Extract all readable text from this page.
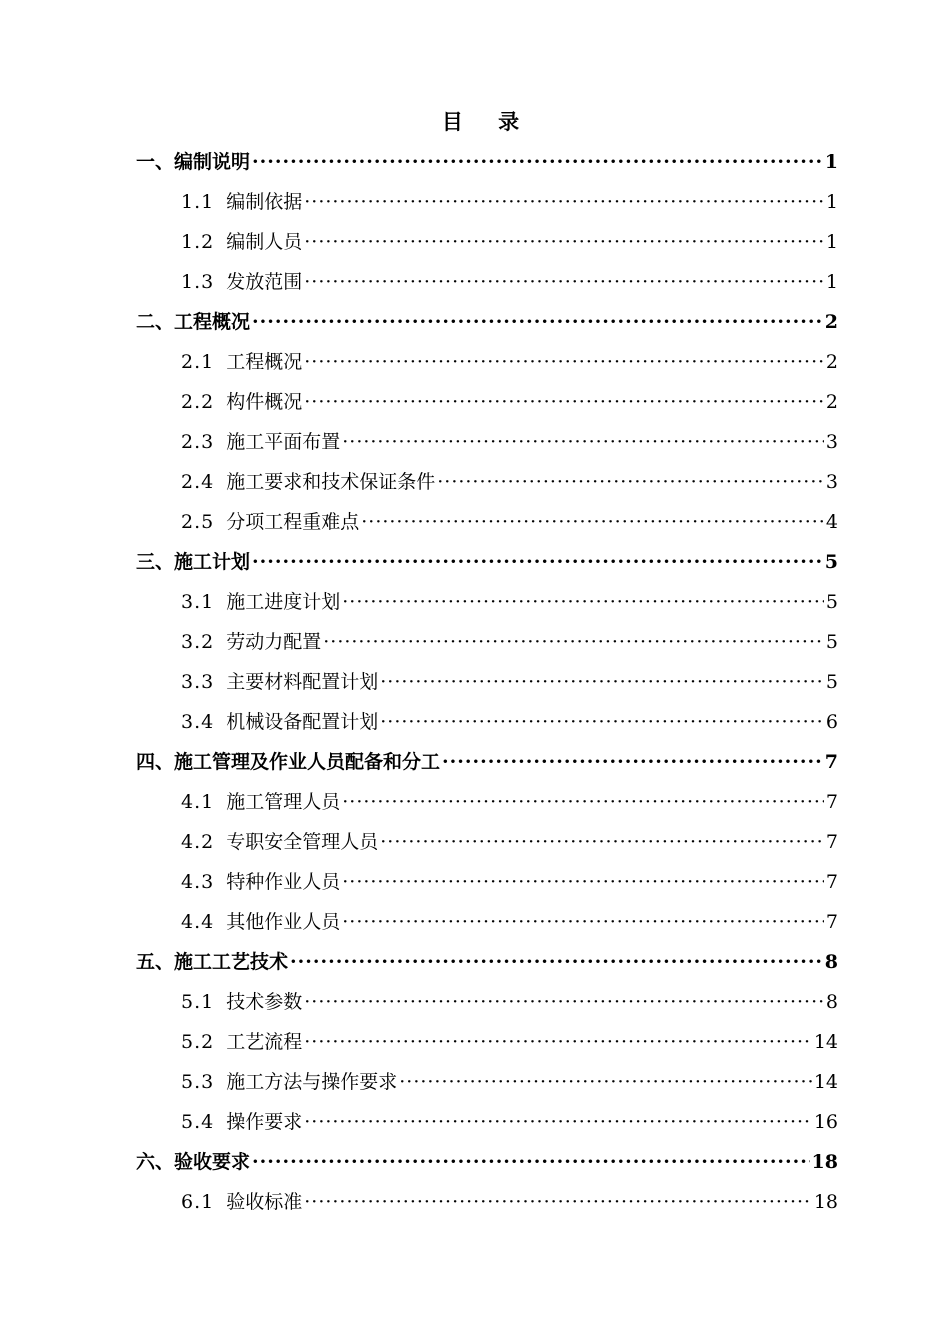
目 录
一、编制说明 ·····	1
1.1 编制依据 ·····	1
1.2 编制人员 ·····	1
1.3 发放范围 ·····	1
二、工程概况 ·····	2
2.1 工程概况 ·····	2
2.2 构件概况 ·····	2
2.3 施工平面布置 ·····	3
2.4 施工要求和技术保证条件 ·····	3
2.5 分项工程重难点 ·····	4
三、施工计划 ·····	5
3.1 施工进度计划 ·····	5
3.2 劳动力配置 ·····	5
3.3 主要材料配置计划 ·····	5
3.4 机械设备配置计划 ·····	6
四、施工管理及作业人员配备和分工 ·····	7
4.1 施工管理人员 ·····	7
4.2 专职安全管理人员 ·····	7
4.3 特种作业人员 ·····	7
4.4 其他作业人员 ·····	7
五、施工工艺技术 ·····	8
5.1 技术参数 ·····	8
5.2 工艺流程 ·····	14
5.3 施工方法与操作要求 ·····	14
5.4 操作要求 ·····	16
六、验收要求 ·····	18
6.1 验收标准 ·····	18
